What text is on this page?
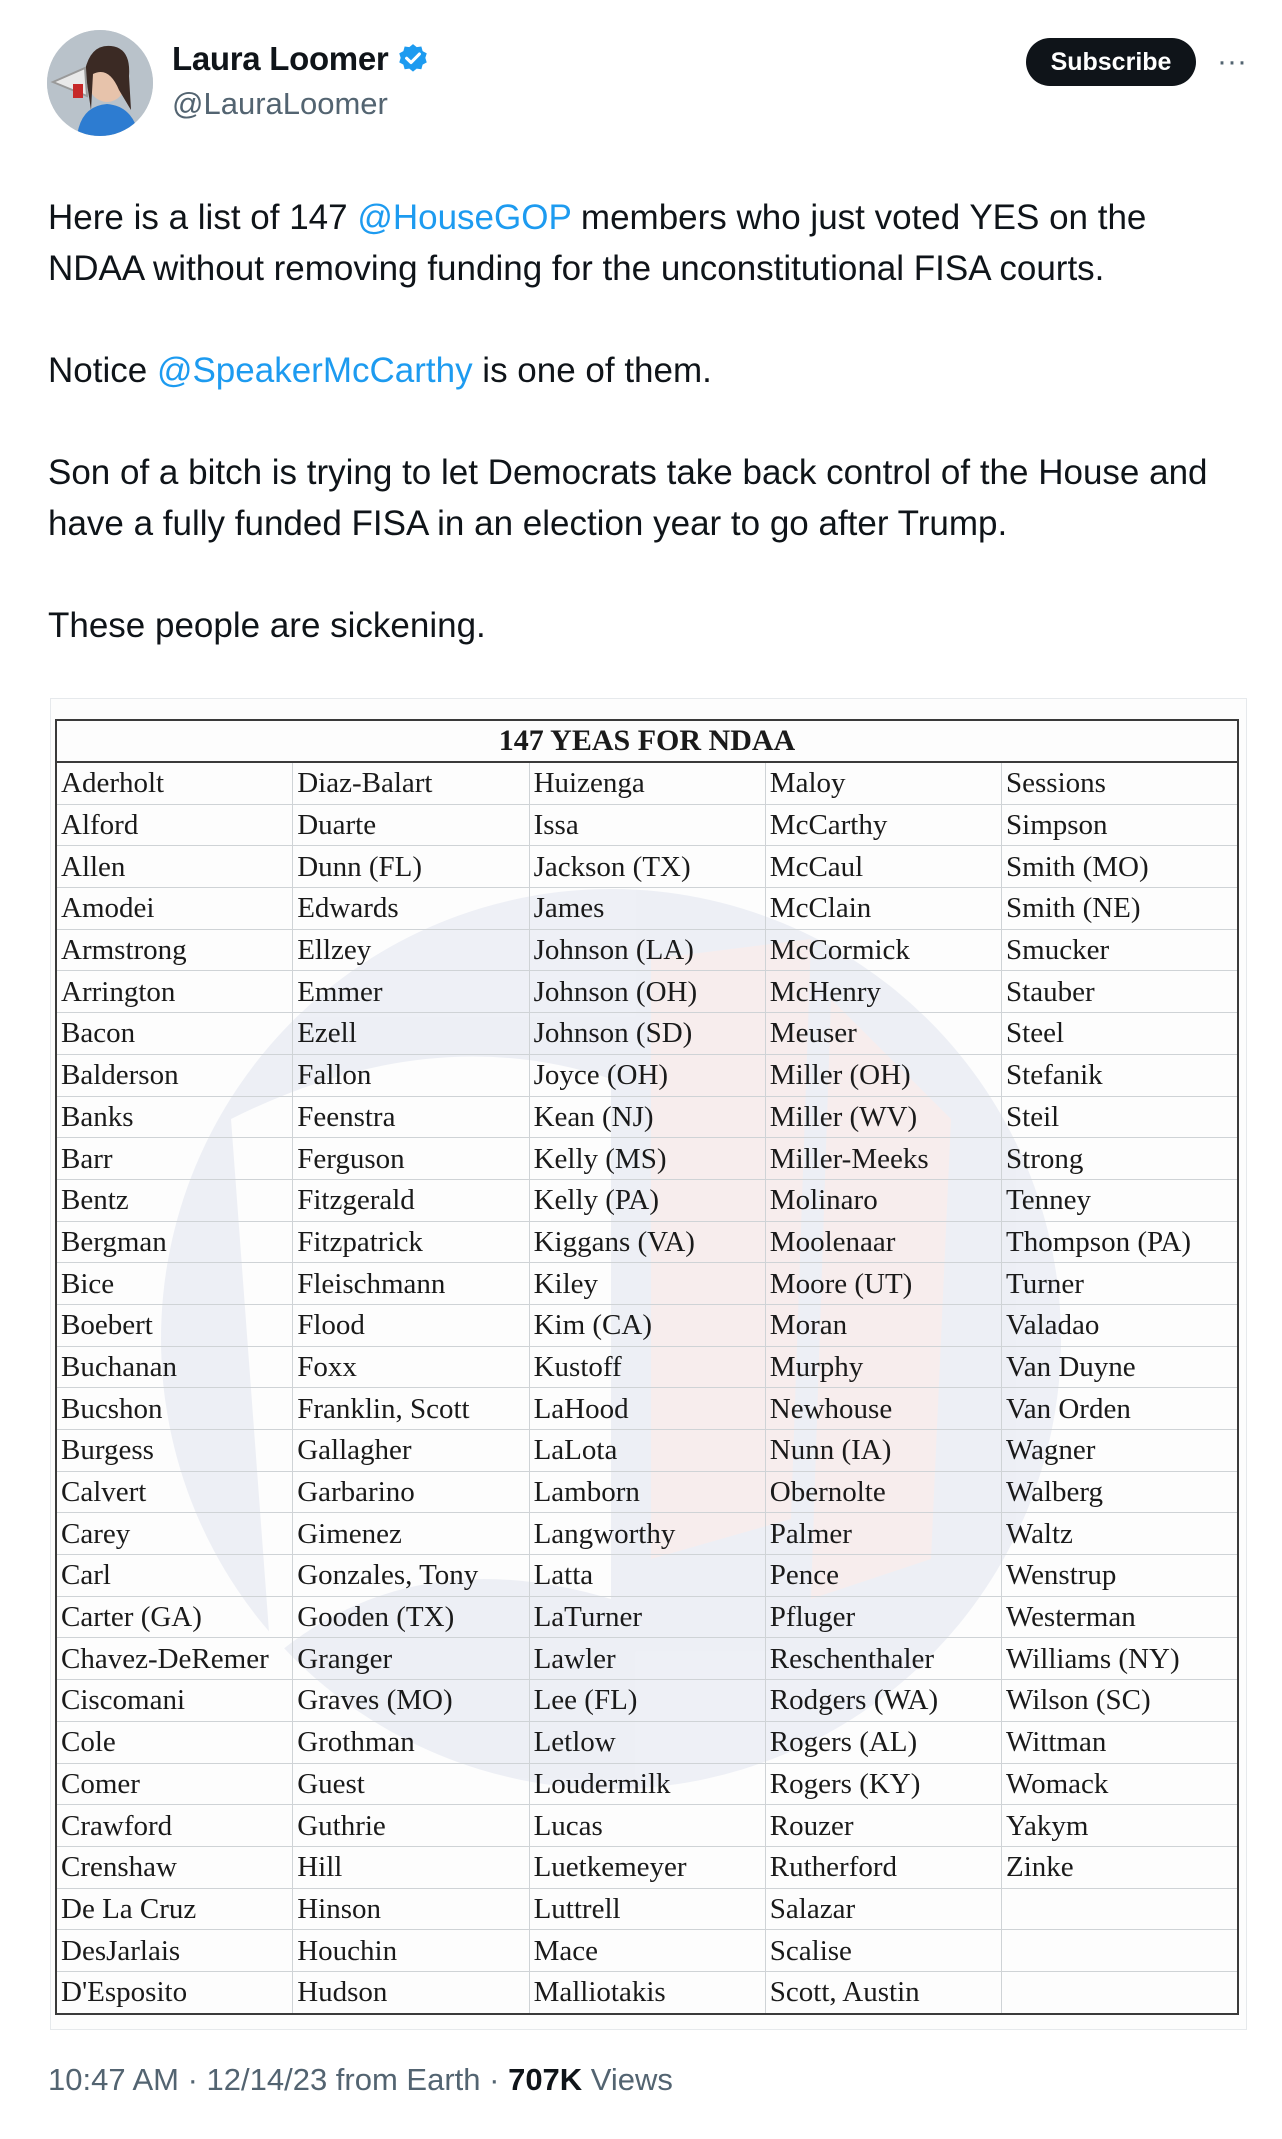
Laura Loomer
@LauraLoomer
Subscribe	···

Here is a list of 147 @HouseGOP members who just voted YES on the NDAA without removing funding for the unconstitutional FISA courts.

Notice @SpeakerMcCarthy is one of them.

Son of a bitch is trying to let Democrats take back control of the House and have a fully funded FISA in an election year to go after Trump.

These people are sickening.

147 YEAS FOR NDAA				
Aderholt	Diaz-Balart	Huizenga	Maloy	Sessions
Alford	Duarte	Issa	McCarthy	Simpson
Allen	Dunn (FL)	Jackson (TX)	McCaul	Smith (MO)
Amodei	Edwards	James	McClain	Smith (NE)
Armstrong	Ellzey	Johnson (LA)	McCormick	Smucker
Arrington	Emmer	Johnson (OH)	McHenry	Stauber
Bacon	Ezell	Johnson (SD)	Meuser	Steel
Balderson	Fallon	Joyce (OH)	Miller (OH)	Stefanik
Banks	Feenstra	Kean (NJ)	Miller (WV)	Steil
Barr	Ferguson	Kelly (MS)	Miller-Meeks	Strong
Bentz	Fitzgerald	Kelly (PA)	Molinaro	Tenney
Bergman	Fitzpatrick	Kiggans (VA)	Moolenaar	Thompson (PA)
Bice	Fleischmann	Kiley	Moore (UT)	Turner
Boebert	Flood	Kim (CA)	Moran	Valadao
Buchanan	Foxx	Kustoff	Murphy	Van Duyne
Bucshon	Franklin, Scott	LaHood	Newhouse	Van Orden
Burgess	Gallagher	LaLota	Nunn (IA)	Wagner
Calvert	Garbarino	Lamborn	Obernolte	Walberg
Carey	Gimenez	Langworthy	Palmer	Waltz
Carl	Gonzales, Tony	Latta	Pence	Wenstrup
Carter (GA)	Gooden (TX)	LaTurner	Pfluger	Westerman
Chavez-DeRemer	Granger	Lawler	Reschenthaler	Williams (NY)
Ciscomani	Graves (MO)	Lee (FL)	Rodgers (WA)	Wilson (SC)
Cole	Grothman	Letlow	Rogers (AL)	Wittman
Comer	Guest	Loudermilk	Rogers (KY)	Womack
Crawford	Guthrie	Lucas	Rouzer	Yakym
Crenshaw	Hill	Luetkemeyer	Rutherford	Zinke
De La Cruz	Hinson	Luttrell	Salazar	
DesJarlais	Houchin	Mace	Scalise	
D'Esposito	Hudson	Malliotakis	Scott, Austin	
10:47 AM · 12/14/23 from Earth · 707K Views
